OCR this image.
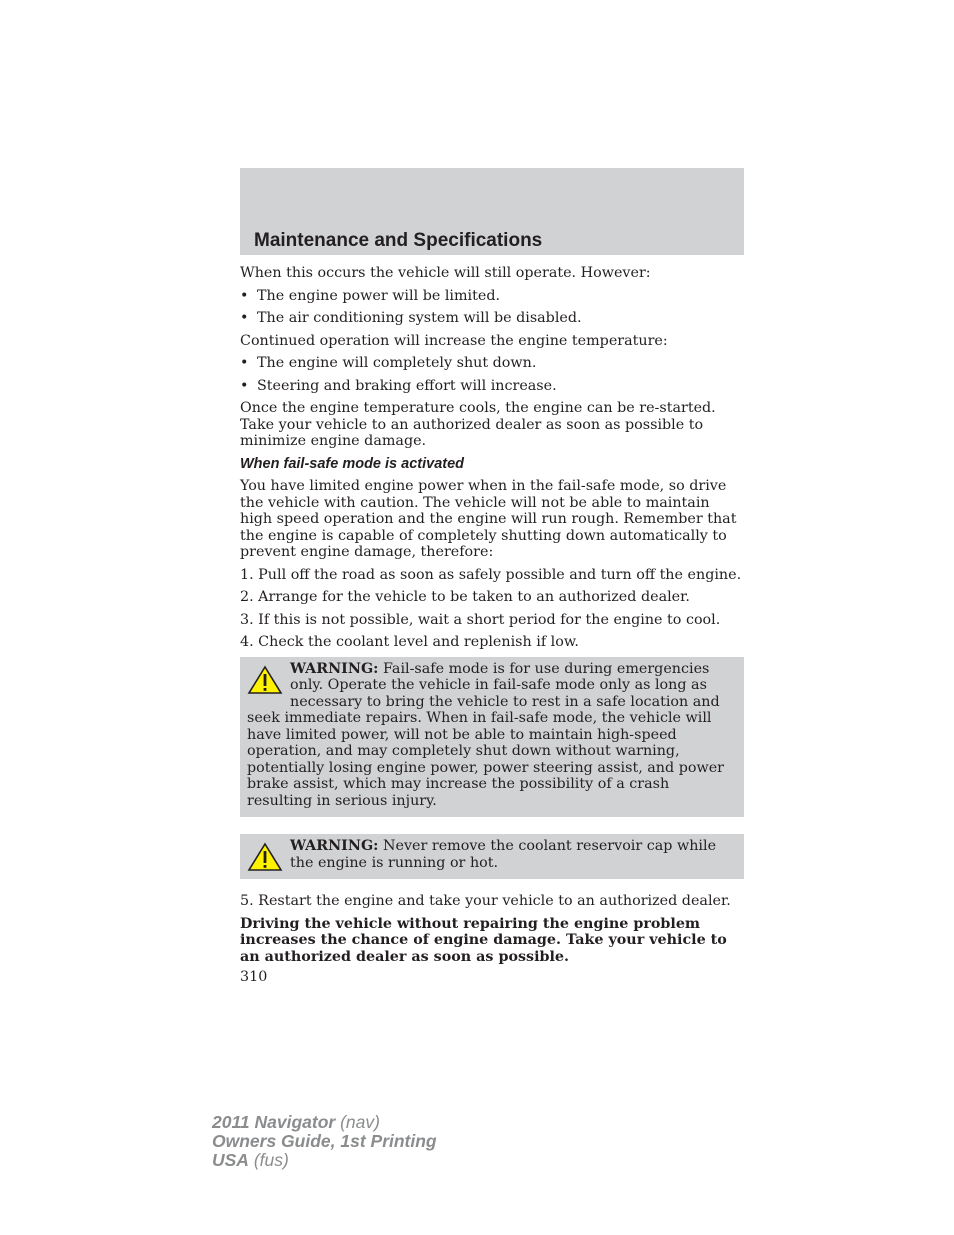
Maintenance and Specifications

When this occurs the vehicle will still operate. However:

• The engine power will be limited.
• The air conditioning system will be disabled.

Continued operation will increase the engine temperature:

• The engine will completely shut down.
• Steering and braking effort will increase.

Once the engine temperature cools, the engine can be re-started. Take your vehicle to an authorized dealer as soon as possible to minimize engine damage.

When fail-safe mode is activated

You have limited engine power when in the fail-safe mode, so drive the vehicle with caution. The vehicle will not be able to maintain high speed operation and the engine will run rough. Remember that the engine is capable of completely shutting down automatically to prevent engine damage, therefore:

1. Pull off the road as soon as safely possible and turn off the engine.

2. Arrange for the vehicle to be taken to an authorized dealer.

3. If this is not possible, wait a short period for the engine to cool.

4. Check the coolant level and replenish if low.

WARNING: Fail-safe mode is for use during emergencies only. Operate the vehicle in fail-safe mode only as long as necessary to bring the vehicle to rest in a safe location and seek immediate repairs. When in fail-safe mode, the vehicle will have limited power, will not be able to maintain high-speed operation, and may completely shut down without warning, potentially losing engine power, power steering assist, and power brake assist, which may increase the possibility of a crash resulting in serious injury.
WARNING: Never remove the coolant reservoir cap while the engine is running or hot.

5. Restart the engine and take your vehicle to an authorized dealer.

Driving the vehicle without repairing the engine problem increases the chance of engine damage. Take your vehicle to an authorized dealer as soon as possible.

310

2011 Navigator (nav)
Owners Guide, 1st Printing
USA (fus)
